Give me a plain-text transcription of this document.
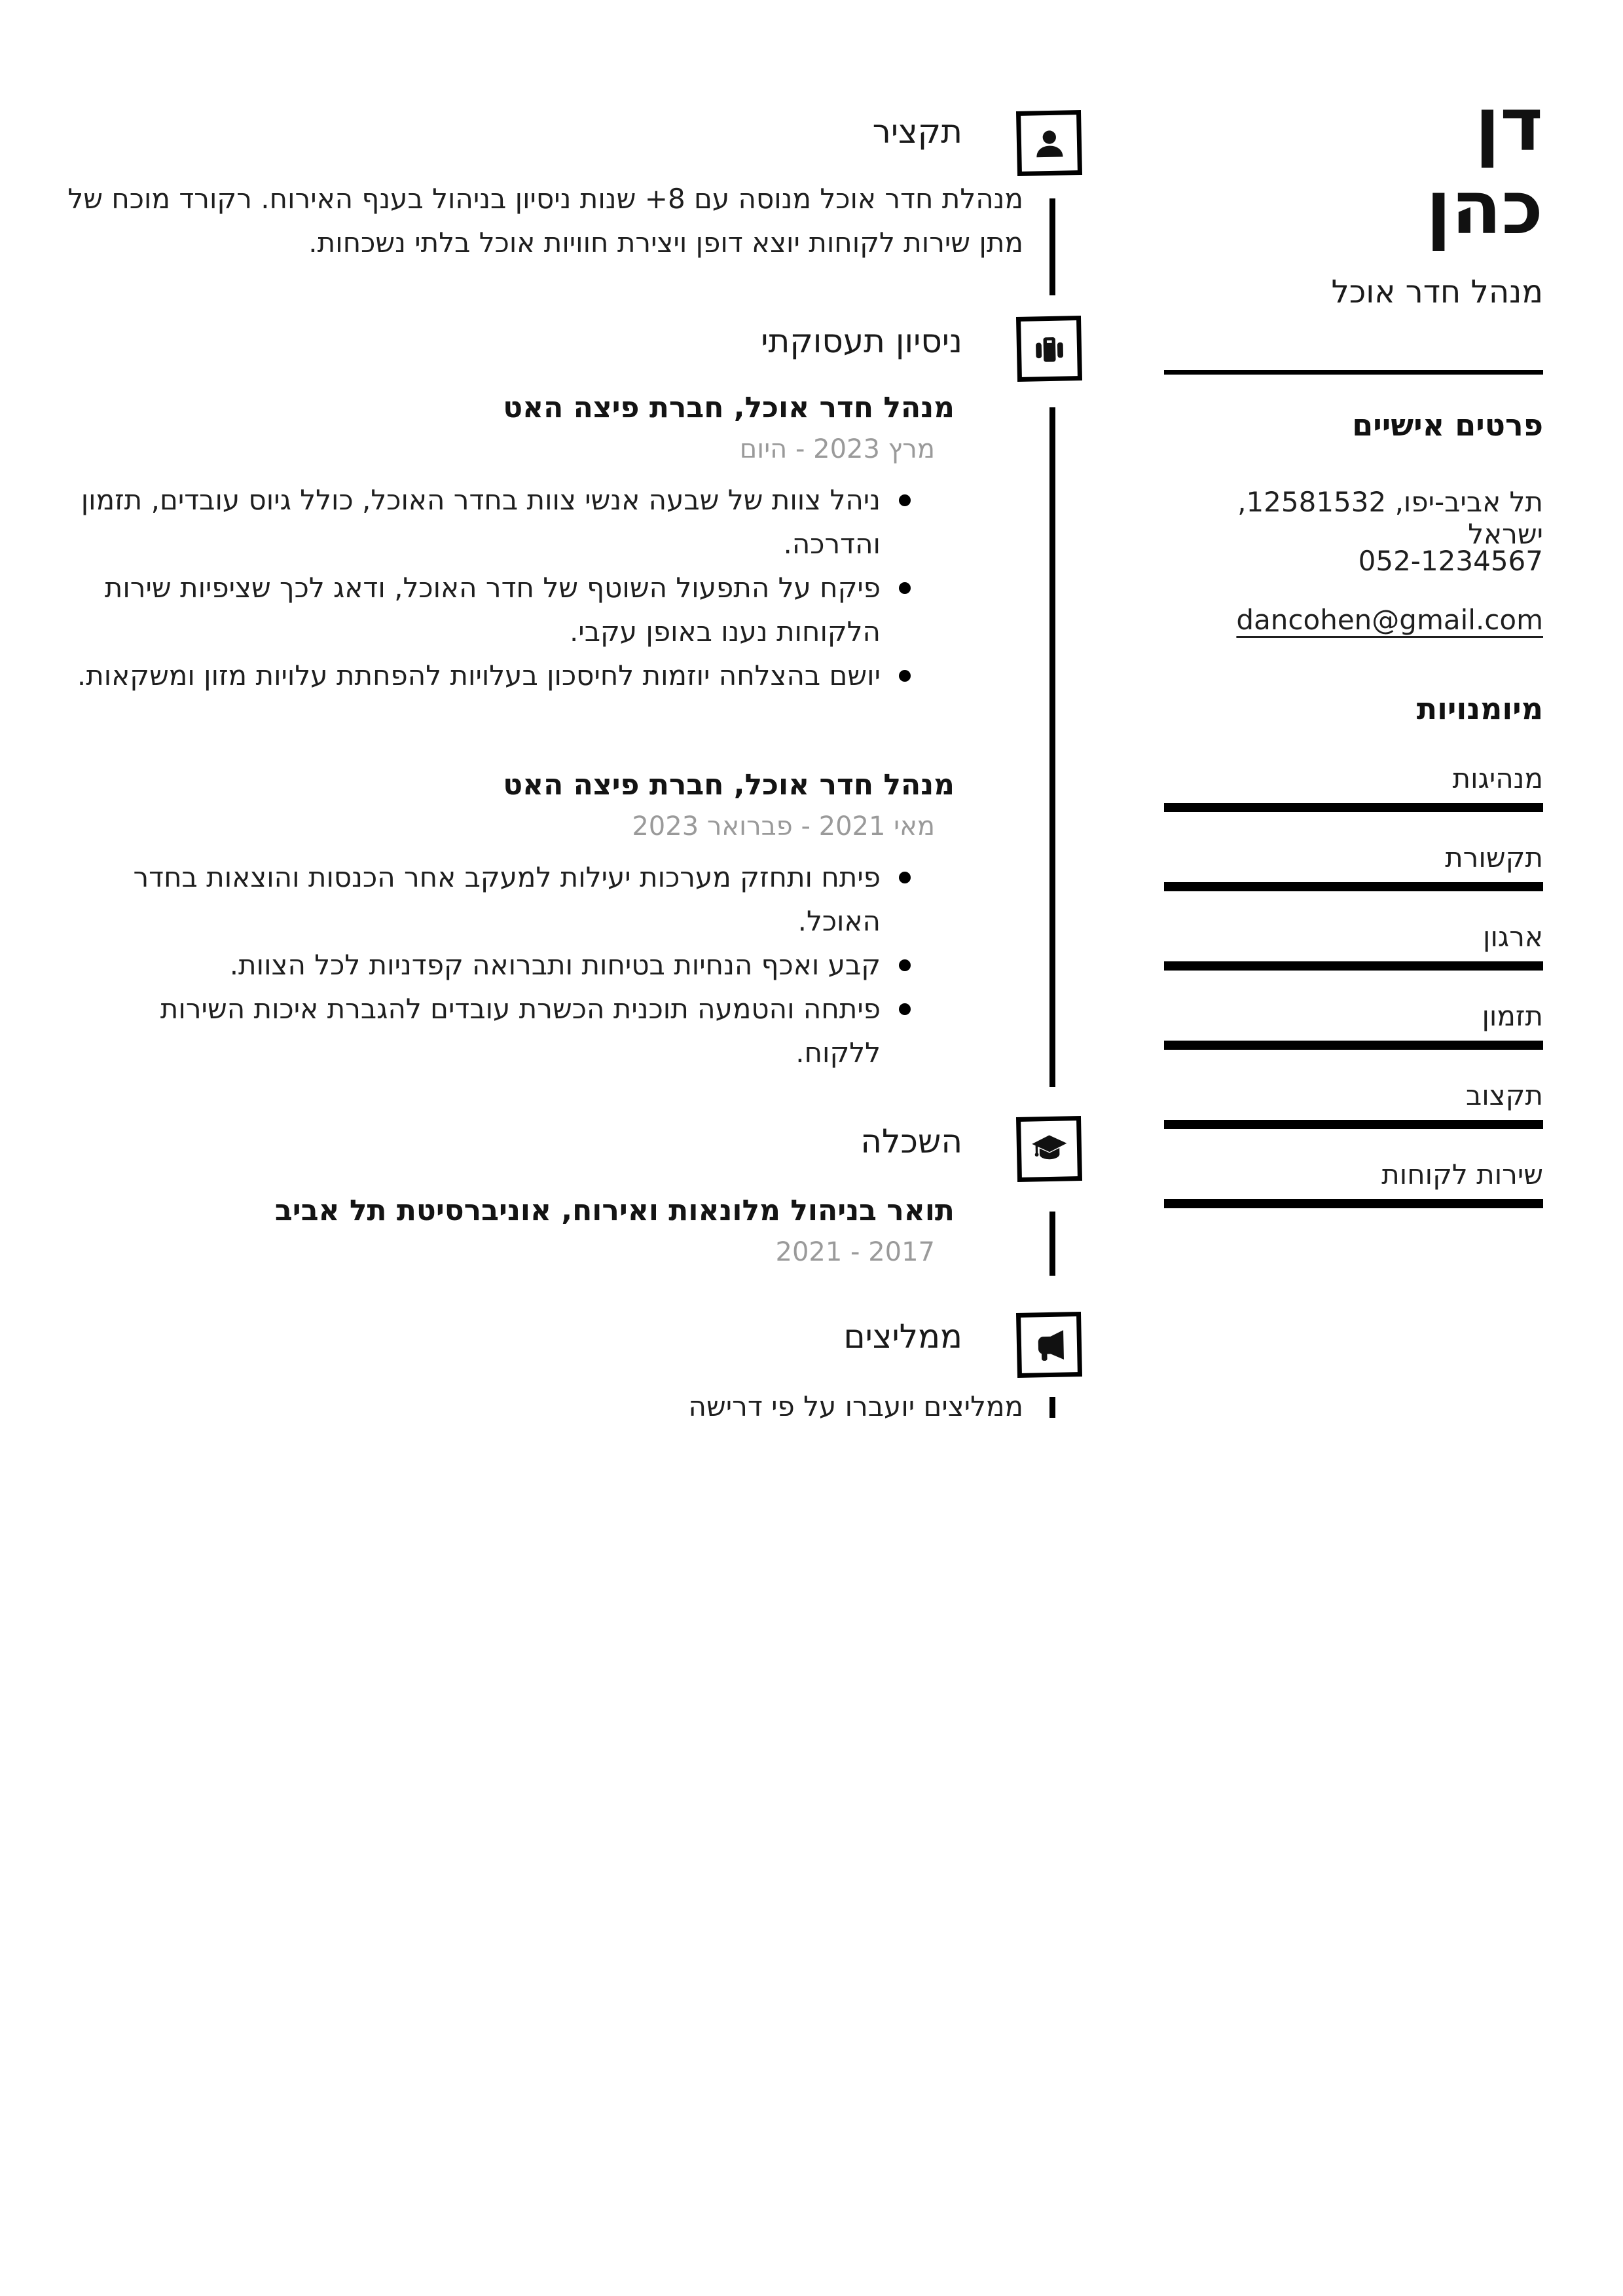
דן
כהן
מנהל חדר אוכל
פרטים אישיים
תל אביב-יפו, 12581532, ישראל
052-1234567
dancohen@gmail.com
מיומנויות
מנהיגות
תקשורת
ארגון
תזמון
תקצוב
שירות לקוחות
תקציר

מנהלת חדר אוכל מנוסה עם 8+ שנות ניסיון בניהול בענף האירוח. רקורד מוכח של מתן שירות לקוחות יוצא דופן ויצירת חוויות אוכל בלתי נשכחות.

ניסיון תעסוקתי
מנהל חדר אוכל, חברת פיצה האט
מרץ 2023 - היום
ניהל צוות של שבעה אנשי צוות בחדר האוכל, כולל גיוס עובדים, תזמון והדרכה.
פיקח על התפעול השוטף של חדר האוכל, ודאג לכך שציפיות שירות הלקוחות נענו באופן עקבי.
יושם בהצלחה יוזמות לחיסכון בעלויות להפחתת עלויות מזון ומשקאות.
מנהל חדר אוכל, חברת פיצה האט
מאי 2021 - פברואר 2023
פיתח ותחזק מערכות יעילות למעקב אחר הכנסות והוצאות בחדר האוכל.
קבע ואכף הנחיות בטיחות ותברואה קפדניות לכל הצוות.
פיתחה והטמעה תוכנית הכשרת עובדים להגברת איכות השירות ללקוח.
השכלה
תואר בניהול מלונאות ואירוח, אוניברסיטת תל אביב
2017 - 2021
ממליצים

ממליצים יועברו על פי דרישה
